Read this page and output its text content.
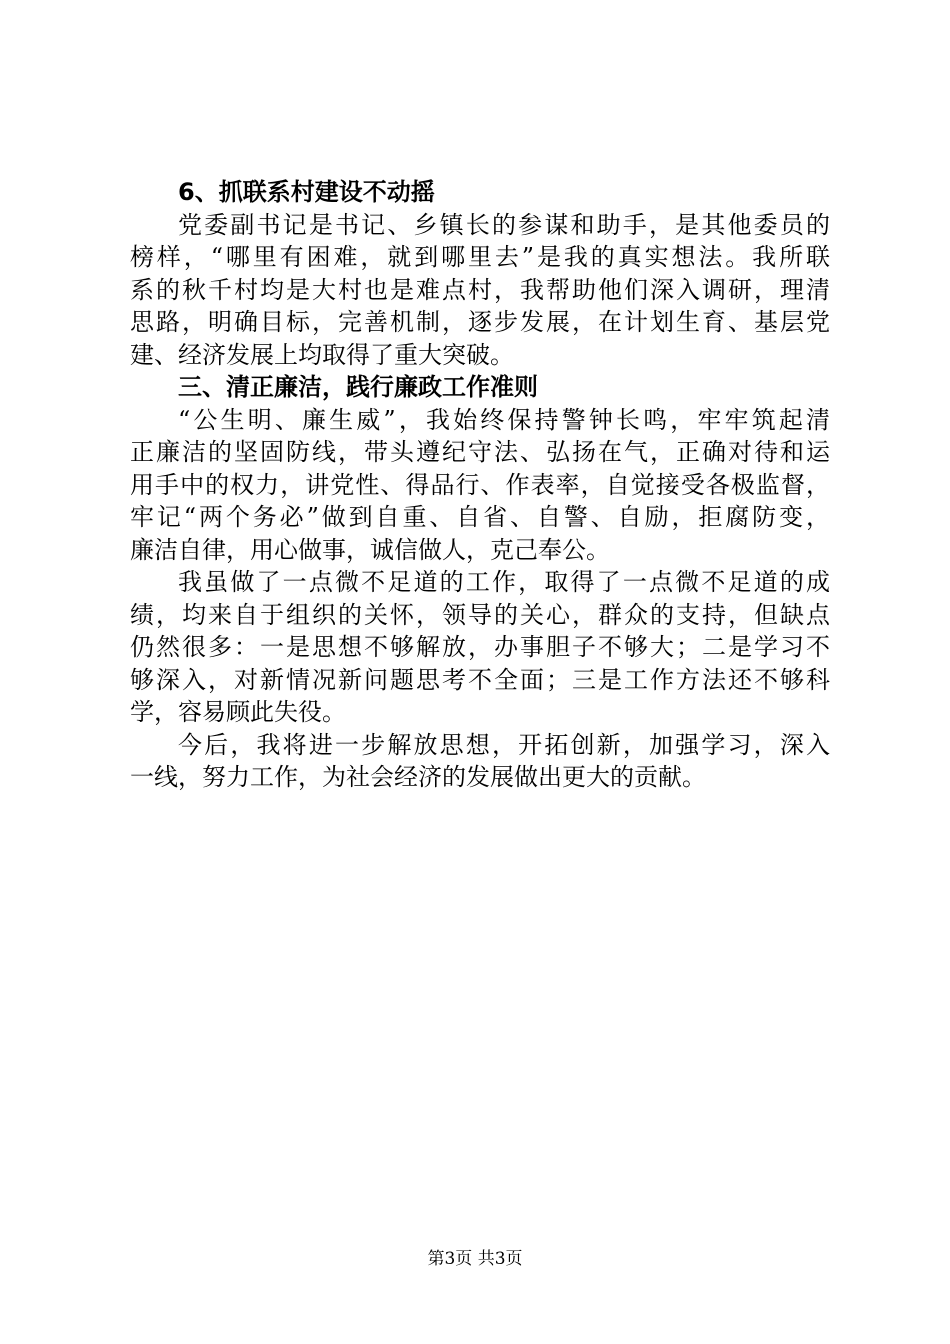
6、抓联系村建设不动摇
党委副书记是书记、乡镇长的参谋和助手，是其他委员的
榜样，“哪里有困难，就到哪里去”是我的真实想法。我所联
系的秋千村均是大村也是难点村，我帮助他们深入调研，理清
思路，明确目标，完善机制，逐步发展，在计划生育、基层党
建、经济发展上均取得了重大突破。
三、清正廉洁，践行廉政工作准则
“公生明、廉生威”，我始终保持警钟长鸣，牢牢筑起清
正廉洁的坚固防线，带头遵纪守法、弘扬在气，正确对待和运
用手中的权力，讲党性、得品行、作表率，自觉接受各极监督，
牢记“两个务必”做到自重、自省、自警、自励，拒腐防变，
廉洁自律，用心做事，诚信做人，克己奉公。
我虽做了一点微不足道的工作，取得了一点微不足道的成
绩，均来自于组织的关怀，领导的关心，群众的支持，但缺点
仍然很多：一是思想不够解放，办事胆子不够大；二是学习不
够深入，对新情况新问题思考不全面；三是工作方法还不够科
学，容易顾此失役。
今后，我将进一步解放思想，开拓创新，加强学习，深入
一线，努力工作，为社会经济的发展做出更大的贡献。
第3页 共3页
